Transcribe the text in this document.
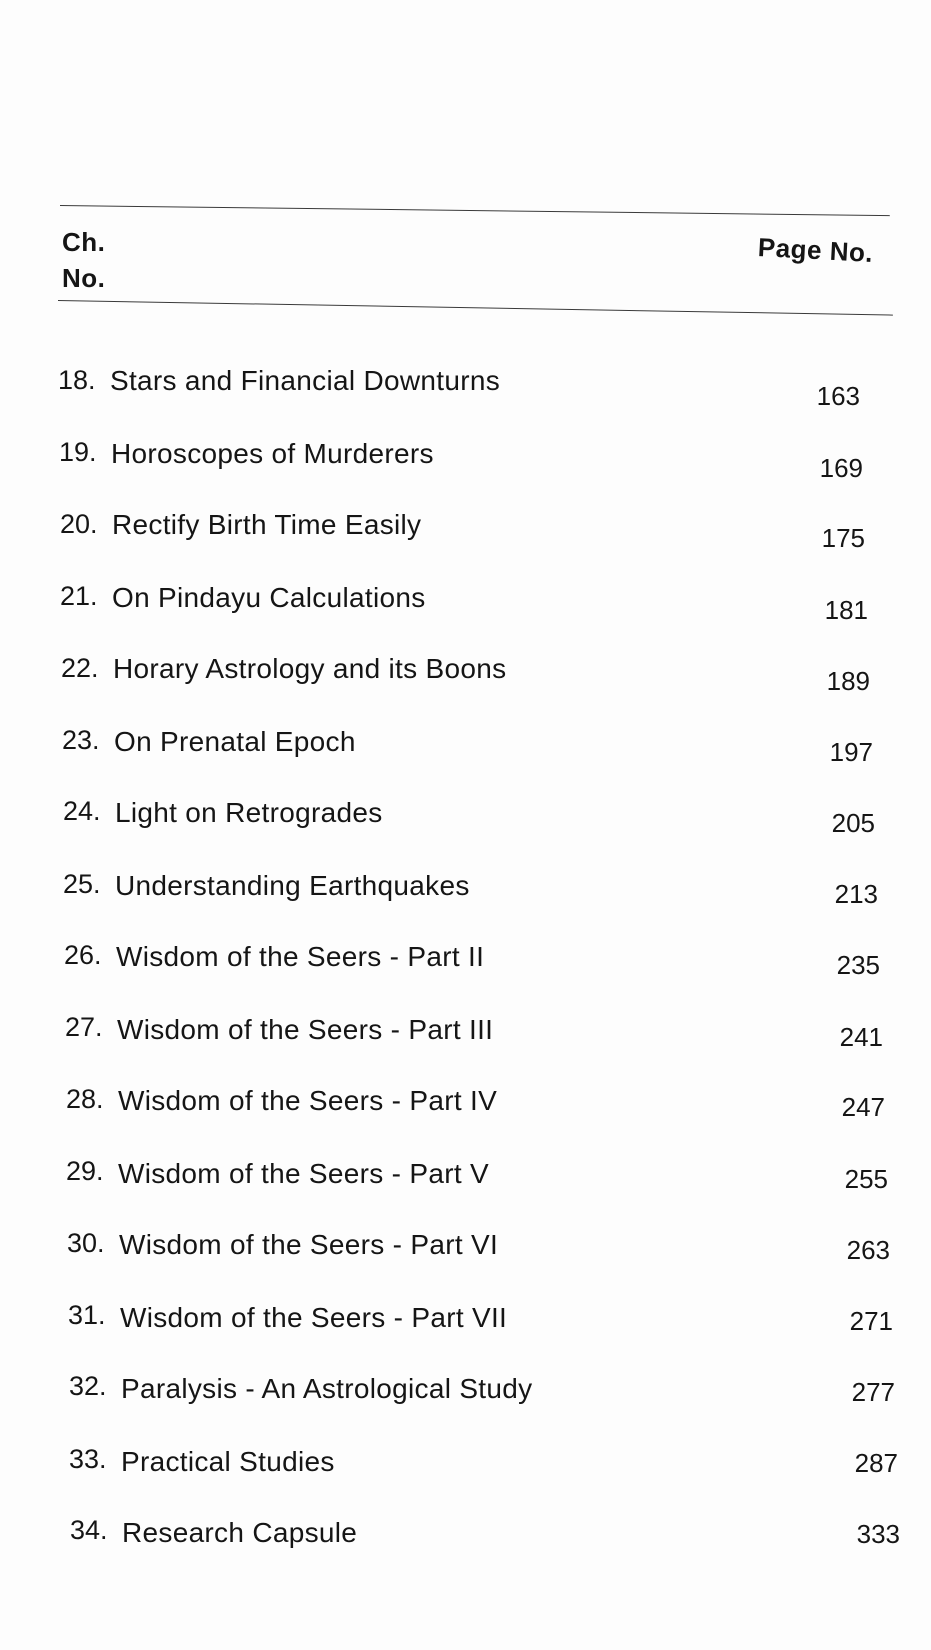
Ch.
No.
Page No.
18. Stars and Financial Downturns	163
19. Horoscopes of Murderers	169
20. Rectify Birth Time Easily	175
21. On Pindayu Calculations	181
22. Horary Astrology and its Boons	189
23. On Prenatal Epoch	197
24. Light on Retrogrades	205
25. Understanding Earthquakes	213
26. Wisdom of the Seers - Part II	235
27. Wisdom of the Seers - Part III	241
28. Wisdom of the Seers - Part IV	247
29. Wisdom of the Seers - Part V	255
30. Wisdom of the Seers - Part VI	263
31. Wisdom of the Seers - Part VII	271
32. Paralysis - An Astrological Study	277
33. Practical Studies	287
34. Research Capsule	333
